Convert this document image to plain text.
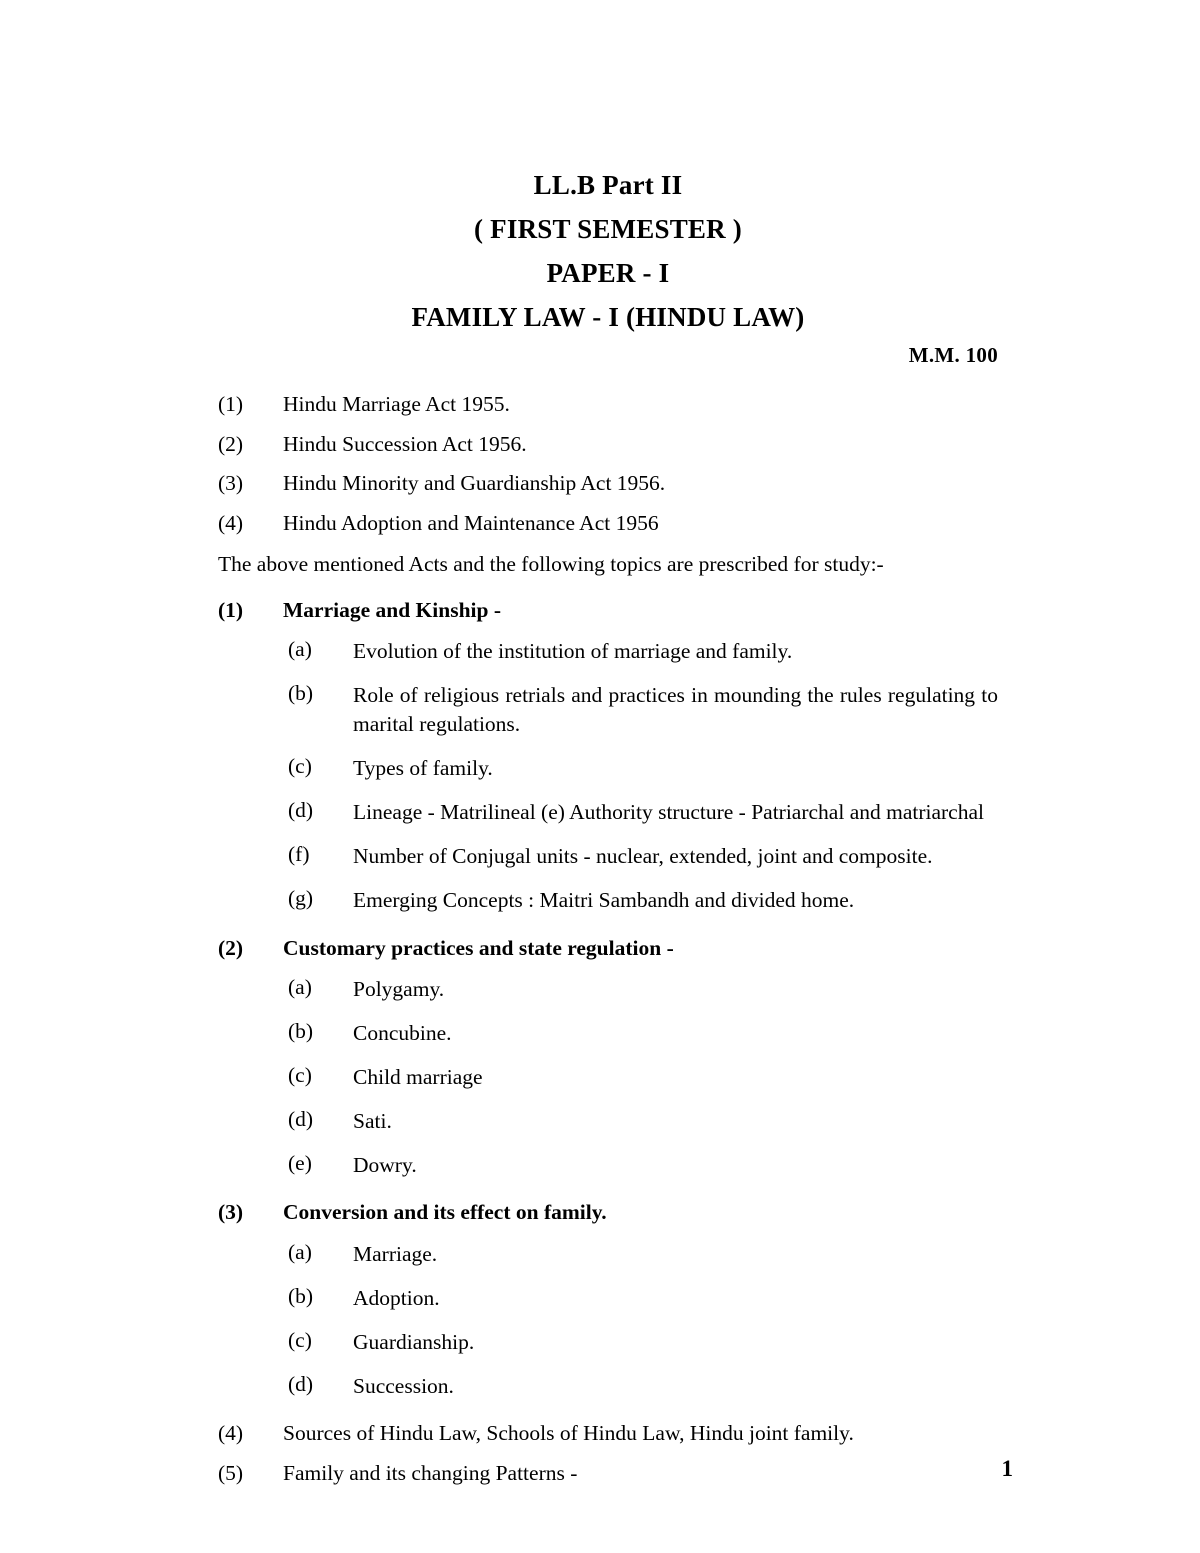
LL.B Part II
( FIRST SEMESTER )
PAPER - I
FAMILY LAW - I (HINDU LAW)
M.M. 100
(1)	Hindu Marriage Act 1955.
(2)	Hindu Succession Act 1956.
(3)	Hindu Minority and Guardianship Act 1956.
(4)	Hindu Adoption and Maintenance Act 1956
The above mentioned Acts and the following topics are prescribed for study:-
(1)	Marriage and Kinship -
(a)	Evolution of the institution of marriage and family.
(b)	Role of religious retrials and practices in mounding the rules regulating to marital regulations.
(c)	Types of family.
(d)	Lineage - Matrilineal (e) Authority structure - Patriarchal and matriarchal
(f)	Number of Conjugal units - nuclear, extended, joint and composite.
(g)	Emerging Concepts : Maitri Sambandh and divided home.
(2)	Customary practices and state regulation -
(a)	Polygamy.
(b)	Concubine.
(c)	Child marriage
(d)	Sati.
(e)	Dowry.
(3)	Conversion and its effect on family.
(a)	Marriage.
(b)	Adoption.
(c)	Guardianship.
(d)	Succession.
(4)	Sources of Hindu Law, Schools of Hindu Law, Hindu joint family.
(5)	Family and its changing Patterns -	1
